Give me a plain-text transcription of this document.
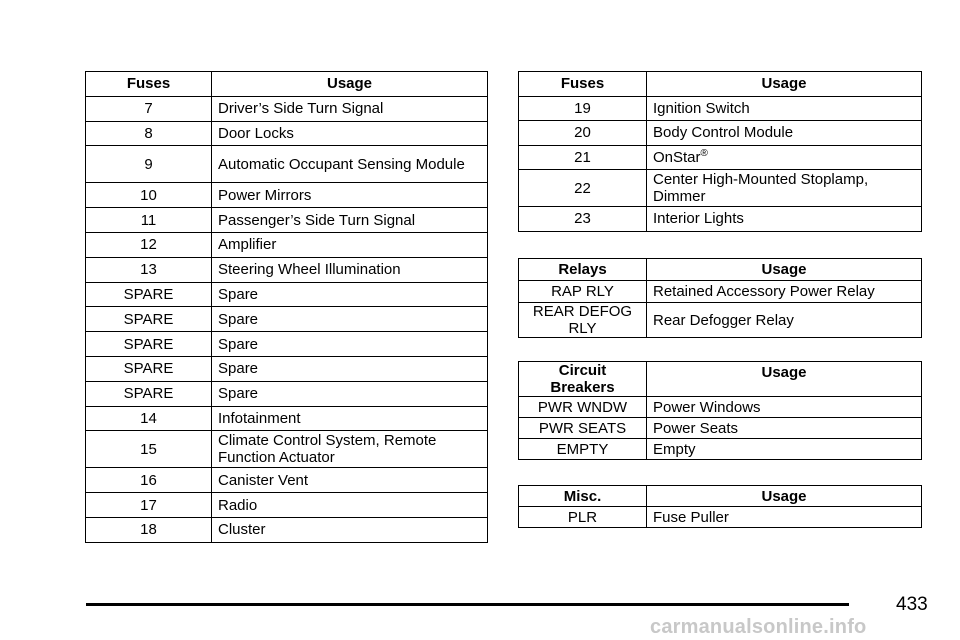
Fuses	Usage
7	Driver’s Side Turn Signal
8	Door Locks
9	Automatic Occupant Sensing Module
10	Power Mirrors
11	Passenger’s Side Turn Signal
12	Amplifier
13	Steering Wheel Illumination
SPARE	Spare
SPARE	Spare
SPARE	Spare
SPARE	Spare
SPARE	Spare
14	Infotainment
15	Climate Control System, Remote Function Actuator
16	Canister Vent
17	Radio
18	Cluster
Fuses	Usage
19	Ignition Switch
20	Body Control Module
21	OnStar®
22	Center High-Mounted Stoplamp, Dimmer
23	Interior Lights
Relays	Usage
RAP RLY	Retained Accessory Power Relay
REAR DEFOG RLY	Rear Defogger Relay
Circuit Breakers	Usage
PWR WNDW	Power Windows
PWR SEATS	Power Seats
EMPTY	Empty
Misc.	Usage
PLR	Fuse Puller
433
carmanualsonline.info
